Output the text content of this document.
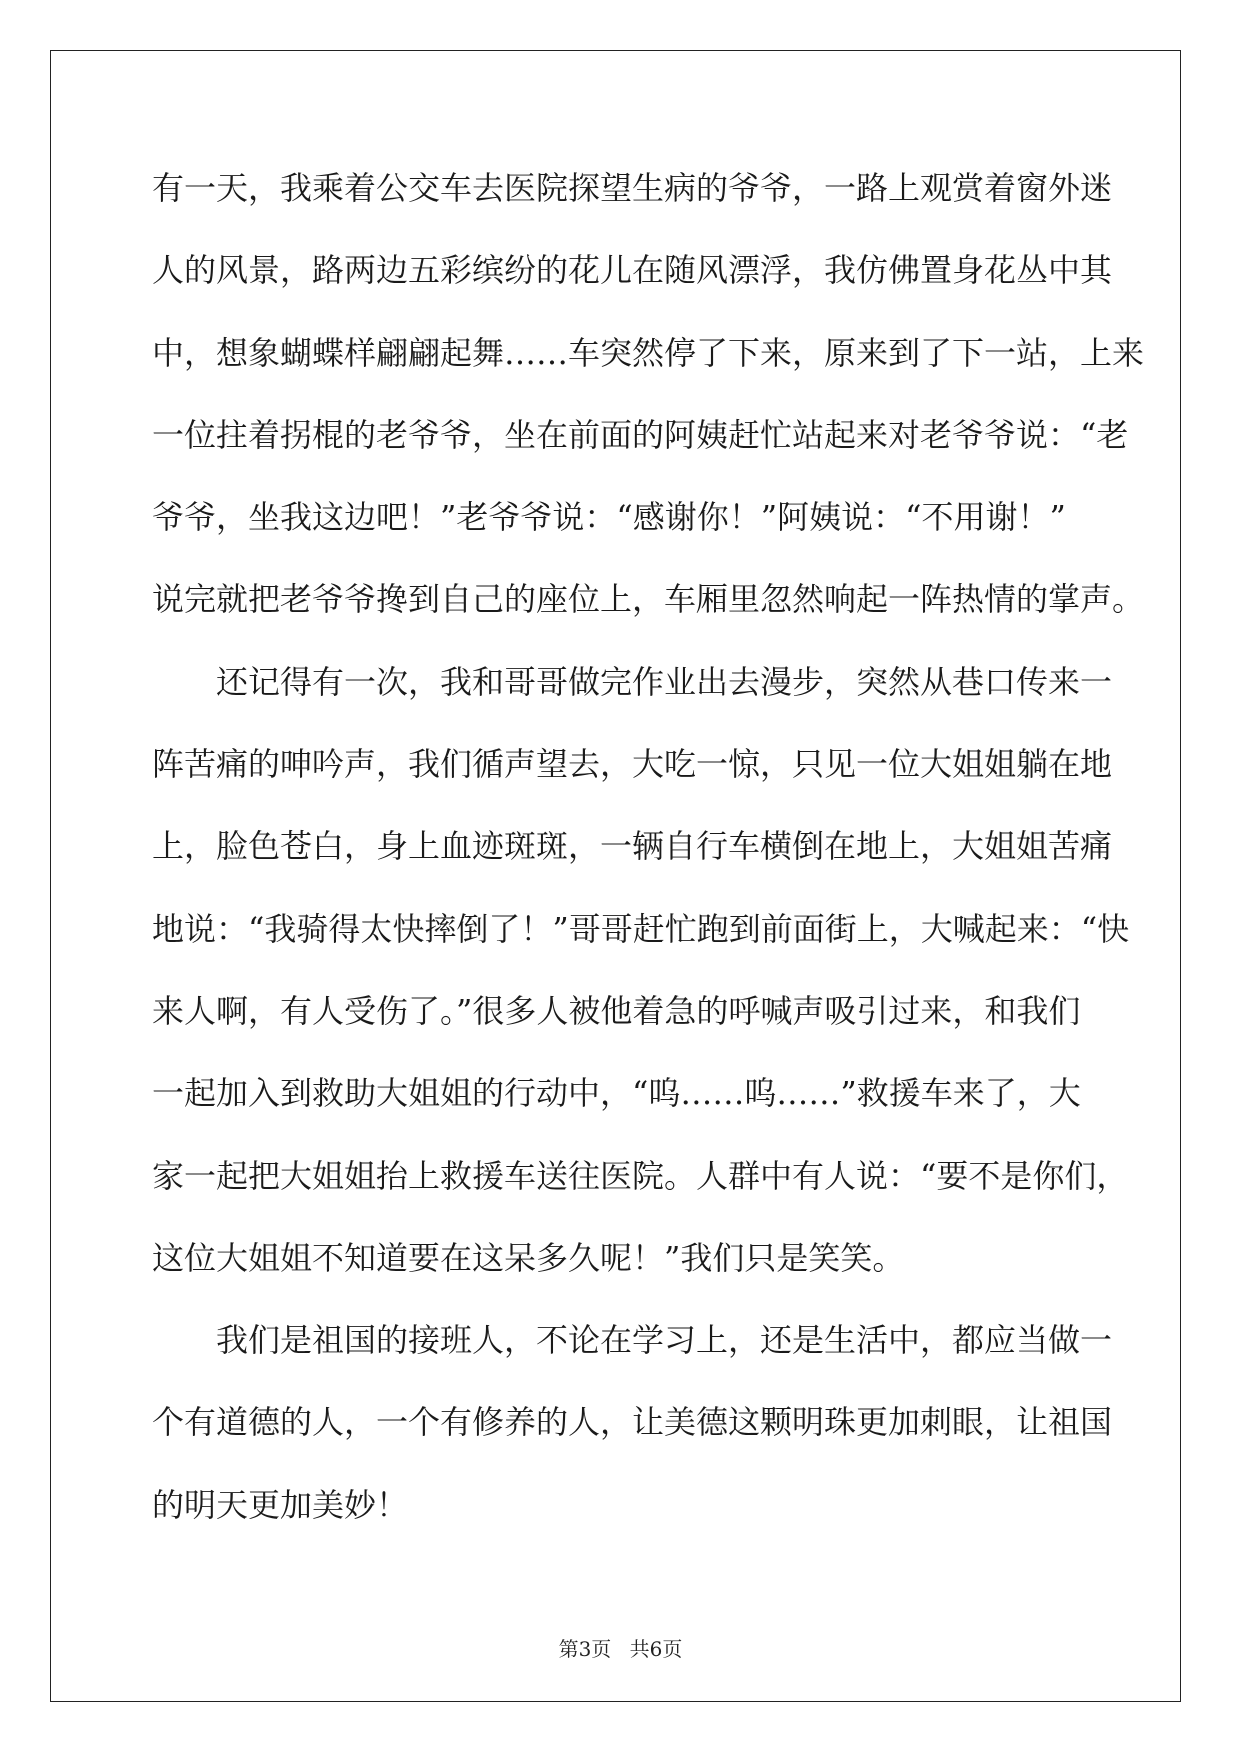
有一天，我乘着公交车去医院探望生病的爷爷，一路上观赏着窗外迷
人的风景，路两边五彩缤纷的花儿在随风漂浮，我仿佛置身花丛中其
中，想象蝴蝶样翩翩起舞……车突然停了下来，原来到了下一站，上来
一位拄着拐棍的老爷爷，坐在前面的阿姨赶忙站起来对老爷爷说：“老
爷爷，坐我这边吧！”老爷爷说：“感谢你！”阿姨说：“不用谢！”
说完就把老爷爷搀到自己的座位上，车厢里忽然响起一阵热情的掌声。
还记得有一次，我和哥哥做完作业出去漫步，突然从巷口传来一
阵苦痛的呻吟声，我们循声望去，大吃一惊，只见一位大姐姐躺在地
上，脸色苍白，身上血迹斑斑，一辆自行车横倒在地上，大姐姐苦痛
地说：“我骑得太快摔倒了！”哥哥赶忙跑到前面街上，大喊起来：“快
来人啊，有人受伤了。”很多人被他着急的呼喊声吸引过来，和我们
一起加入到救助大姐姐的行动中，“呜……呜……”救援车来了，大
家一起把大姐姐抬上救援车送往医院。人群中有人说：“要不是你们，
这位大姐姐不知道要在这呆多久呢！”我们只是笑笑。
我们是祖国的接班人，不论在学习上，还是生活中，都应当做一
个有道德的人，一个有修养的人，让美德这颗明珠更加刺眼，让祖国
的明天更加美妙！
第3页 共6页
